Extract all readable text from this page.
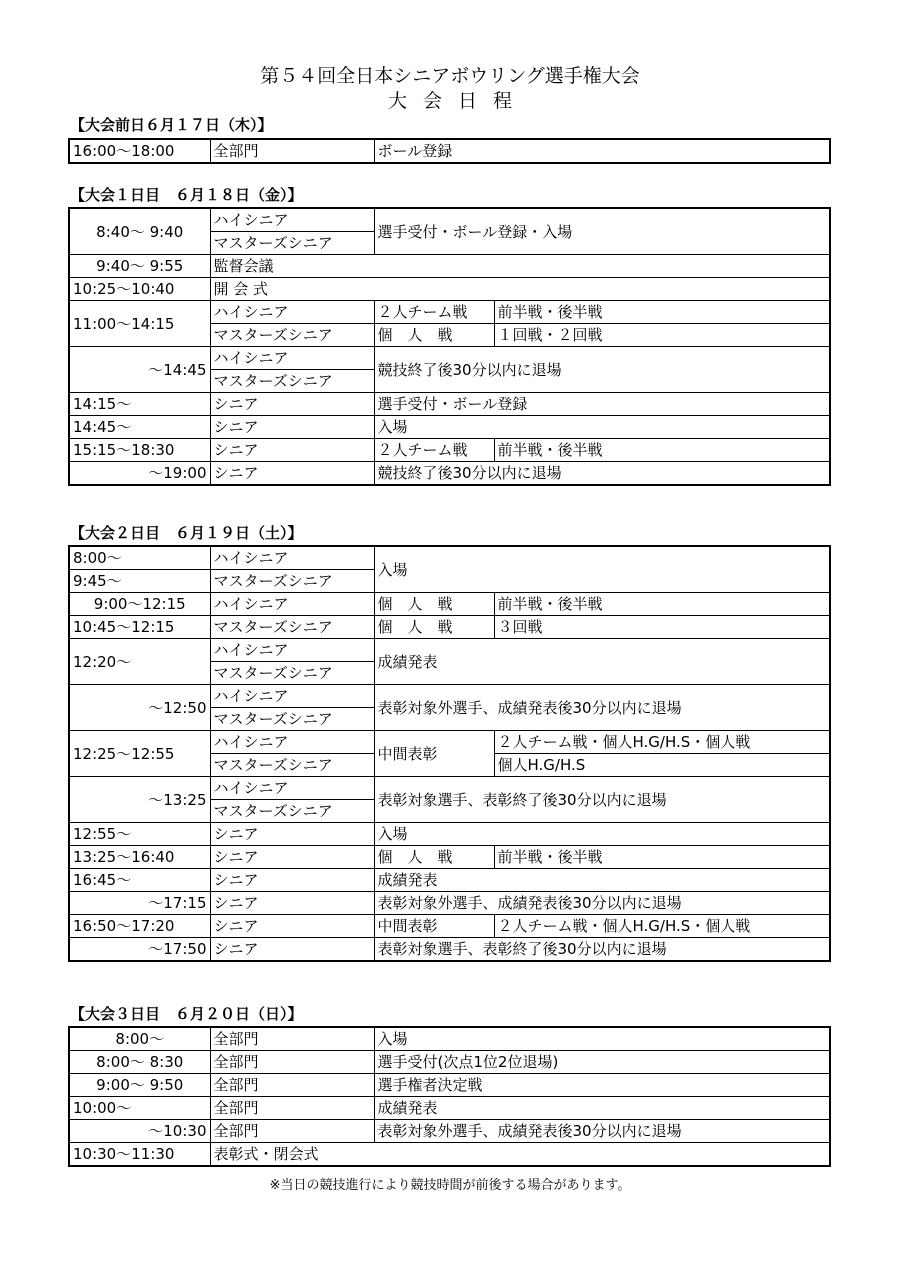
第５４回全日本シニアボウリング選手権大会
大会日程
【大会前日６月１７日（木）】
16:00～18:00	全部門	ボール登録
【大会１日目　６月１８日（金）】
8:40～ 9:40	ハイシニア	選手受付・ボール登録・入場	
	マスターズシニア		
9:40～ 9:55	監督会議		
10:25～10:40	開 会 式		
11:00～14:15	ハイシニア	２人チーム戦	前半戦・後半戦
	マスターズシニア	個　人　戦	１回戦・２回戦
～14:45	ハイシニア	競技終了後30分以内に退場	
	マスターズシニア		
14:15～	シニア	選手受付・ボール登録	
14:45～	シニア	入場	
15:15～18:30	シニア	２人チーム戦	前半戦・後半戦
～19:00	シニア	競技終了後30分以内に退場	
【大会２日目　６月１９日（土）】
8:00～	ハイシニア	入場	
9:45～	マスターズシニア		
9:00～12:15	ハイシニア	個　人　戦	前半戦・後半戦
10:45～12:15	マスターズシニア	個　人　戦	３回戦
12:20～	ハイシニア	成績発表	
	マスターズシニア		
～12:50	ハイシニア	表彰対象外選手、成績発表後30分以内に退場	
	マスターズシニア		
12:25～12:55	ハイシニア	中間表彰	２人チーム戦・個人H.G/H.S・個人戦
	マスターズシニア		個人H.G/H.S
～13:25	ハイシニア	表彰対象選手、表彰終了後30分以内に退場	
	マスターズシニア		
12:55～	シニア	入場	
13:25～16:40	シニア	個　人　戦	前半戦・後半戦
16:45～	シニア	成績発表	
～17:15	シニア	表彰対象外選手、成績発表後30分以内に退場	
16:50～17:20	シニア	中間表彰	２人チーム戦・個人H.G/H.S・個人戦
～17:50	シニア	表彰対象選手、表彰終了後30分以内に退場	
【大会３日目　６月２０日（日）】
8:00～	全部門	入場
8:00～ 8:30	全部門	選手受付(次点1位2位退場)
9:00～ 9:50	全部門	選手権者決定戦
10:00～	全部門	成績発表
～10:30	全部門	表彰対象外選手、成績発表後30分以内に退場
10:30～11:30	表彰式・閉会式	
※当日の競技進行により競技時間が前後する場合があります。
